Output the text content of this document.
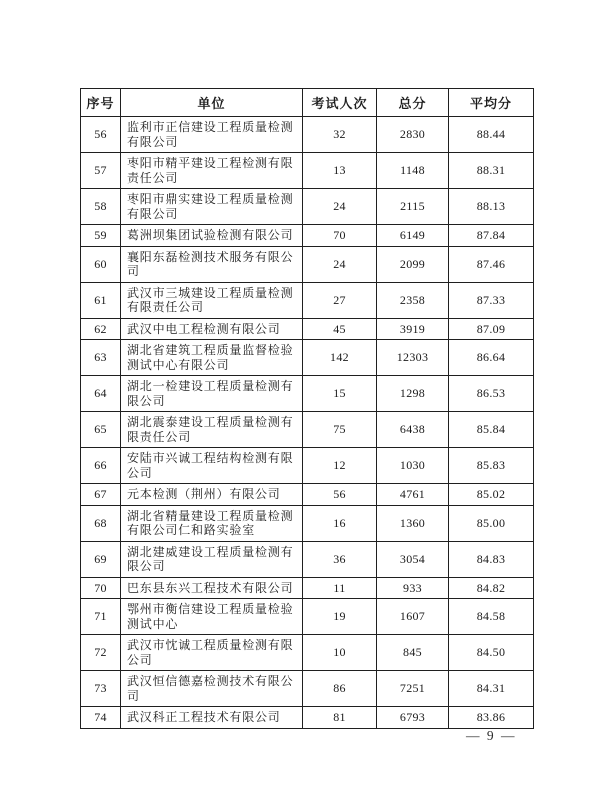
序号	单位	考试人次	总分	平均分
56	监利市正信建设工程质量检测有限公司	32	2830	88.44
57	枣阳市精平建设工程检测有限责任公司	13	1148	88.31
58	枣阳市鼎实建设工程质量检测有限公司	24	2115	88.13
59	葛洲坝集团试验检测有限公司	70	6149	87.84
60	襄阳东磊检测技术服务有限公司	24	2099	87.46
61	武汉市三城建设工程质量检测有限责任公司	27	2358	87.33
62	武汉中电工程检测有限公司	45	3919	87.09
63	湖北省建筑工程质量监督检验测试中心有限公司	142	12303	86.64
64	湖北一检建设工程质量检测有限公司	15	1298	86.53
65	湖北震泰建设工程质量检测有限责任公司	75	6438	85.84
66	安陆市兴诚工程结构检测有限公司	12	1030	85.83
67	元本检测（荆州）有限公司	56	4761	85.02
68	湖北省精量建设工程质量检测有限公司仁和路实验室	16	1360	85.00
69	湖北建威建设工程质量检测有限公司	36	3054	84.83
70	巴东县东兴工程技术有限公司	11	933	84.82
71	鄂州市衡信建设工程质量检验测试中心	19	1607	84.58
72	武汉市忱诚工程质量检测有限公司	10	845	84.50
73	武汉恒信德嘉检测技术有限公司	86	7251	84.31
74	武汉科正工程技术有限公司	81	6793	83.86
— 9 —
